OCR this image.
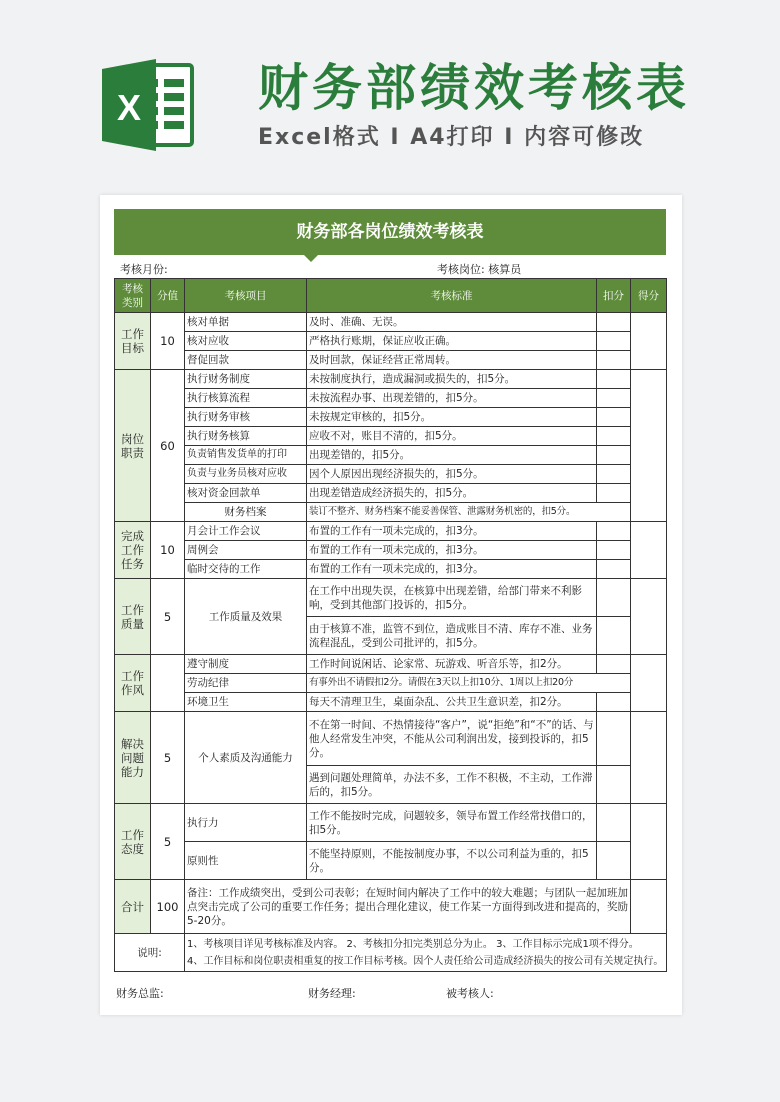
X 财务部绩效考核表
Excel格式 I A4打印 I 内容可修改
财务部各岗位绩效考核表
考核月份:	考核岗位: 核算员
考核类别	分值	考核项目	考核标准	扣分	得分
工作目标	10	核对单据	及时、准确、无误。		
		核对应收	严格执行账期，保证应收正确。		
		督促回款	及时回款，保证经营正常周转。		
岗位职责	60	执行财务制度	未按制度执行，造成漏洞或损失的，扣5分。		
		执行核算流程	未按流程办事、出现差错的，扣5分。		
		执行财务审核	未按规定审核的，扣5分。		
		执行财务核算	应收不对，账目不清的，扣5分。		
		负责销售发货单的打印	出现差错的，扣5分。		
		负责与业务员核对应收	因个人原因出现经济损失的，扣5分。		
		核对资金回款单	出现差错造成经济损失的，扣5分。		
		财务档案	装订不整齐、财务档案不能妥善保管、泄露财务机密的，扣5分。		
完成工作任务	10	月会计工作会议	布置的工作有一项未完成的，扣3分。		
		周例会	布置的工作有一项未完成的，扣3分。		
		临时交待的工作	布置的工作有一项未完成的，扣3分。		
工作质量	5	工作质量及效果	在工作中出现失误，在核算中出现差错，给部门带来不利影响，受到其他部门投诉的，扣5分。		
			由于核算不准，监管不到位，造成账目不清、库存不准、业务流程混乱，受到公司批评的，扣5分。		
工作作风		遵守制度	工作时间说闲话、论家常、玩游戏、听音乐等，扣2分。		
		劳动纪律	有事外出不请假扣2分。请假在3天以上扣10分、1周以上扣20分		
		环境卫生	每天不清理卫生，桌面杂乱、公共卫生意识差，扣2分。		
解决问题能力	5	个人素质及沟通能力	不在第一时间、不热情接待“客户”，说“拒绝”和“不”的话、与他人经常发生冲突，不能从公司利润出发，接到投诉的，扣5分。		
			遇到问题处理简单，办法不多，工作不积极，不主动，工作滞后的，扣5分。		
工作态度	5	执行力	工作不能按时完成，问题较多，领导布置工作经常找借口的，扣5分。		
		原则性	不能坚持原则，不能按制度办事，不以公司利益为重的，扣5分。		
合计	100	备注：工作成绩突出，受到公司表彰；在短时间内解决了工作中的较大难题；与团队一起加班加点突击完成了公司的重要工作任务；提出合理化建议，使工作某一方面得到改进和提高的，奖励5-20分。			
说明:		1、考核项目详见考核标准及内容。 2、考核扣分扣完类别总分为止。 3、工作目标示完成1项不得分。
4、工作目标和岗位职责相重复的按工作目标考核。因个人责任给公司造成经济损失的按公司有关规定执行。			
财务总监:	财务经理:	被考核人:
